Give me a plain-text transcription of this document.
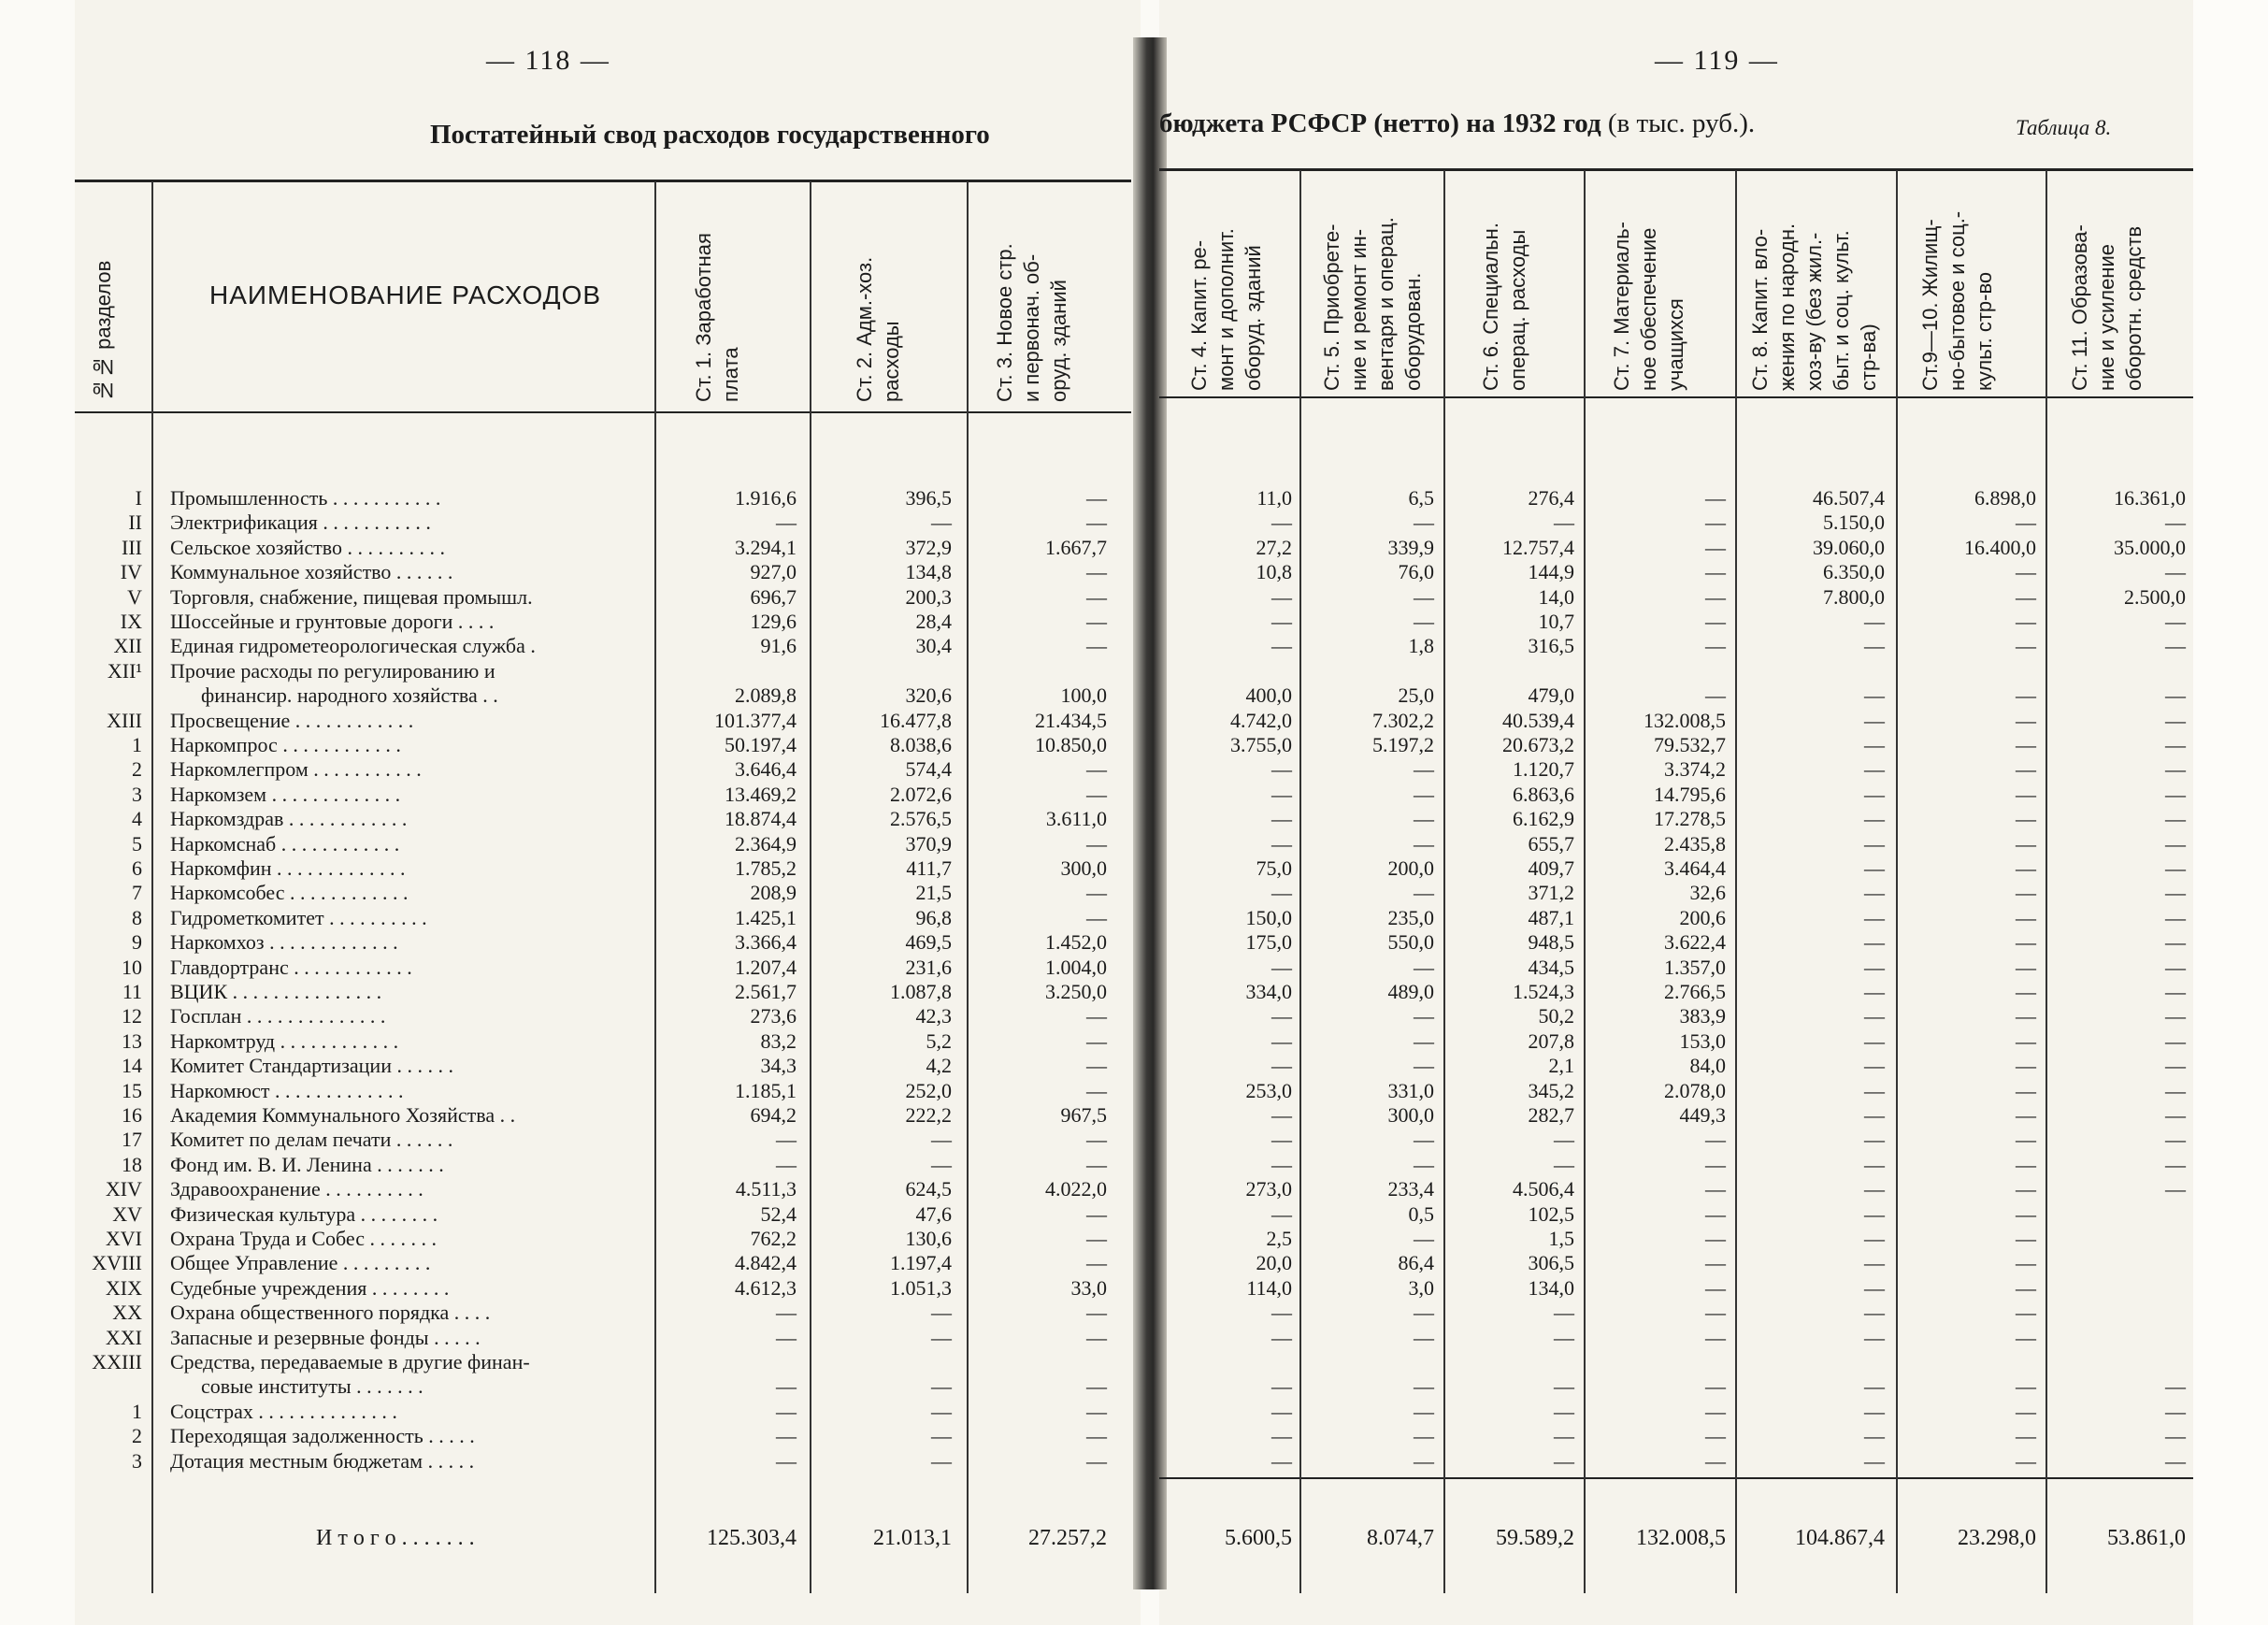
— 118 —	— 119 —
Постатейный свод расходов государственного	бюджета РСФСР (нетто) на 1932 год (в тыс. руб.).	Таблица 8.
№№ разделов	НАИМЕНОВАНИЕ РАСХОДОВ
Ст. 1. Заработная
плата	Ст. 2. Адм.-хоз.
расходы	Ст. 3. Новое стр.
и первонач. об-
оруд. зданий
Ст. 4. Капит. ре-
монт и дополнит.
оборуд. зданий
Ст. 5. Приобрете-
ние и ремонт ин-
вентаря и операц.
оборудован.	Ст. 6. Специальн.
операц. расходы
Ст. 7. Материаль-
ное обеспечение
учащихся	Ст. 8. Капит. вло-
жения по народн.
хоз-ву (без жил.-
быт. и соц. культ.
стр-ва) Ст.9—10. Жилищ-
но-бытовое и соц.-
культ. стр-во
Ст. 11. Образова-
ние и усиление
оборотн. средств
I Промышленность . . . . . . . . . . .	1.916,6	396,5	—	11,0	6,5	276,4	—	46.507,4	6.898,0	16.361,0
II Электрификация . . . . . . . . . . .	—	—	—	—	—	—	—	5.150,0	—	—
III Сельское хозяйство . . . . . . . . . .	3.294,1	372,9	1.667,7	27,2	339,9	12.757,4	—	39.060,0	16.400,0	35.000,0
IV Коммунальное хозяйство . . . . . .	927,0	134,8	—	10,8	76,0	144,9	—	6.350,0	—	—
V Торговля, снабжение, пищевая промышл.	696,7	200,3	—	—	—	14,0	—	7.800,0	—	2.500,0
IX Шоссейные и грунтовые дороги . . . .	129,6	28,4	—	—	—	10,7	—	—	—	—
XII Единая гидрометеорологическая служба .	91,6	30,4	—	—	1,8	316,5	—	—	—	—
XII¹ Прочие расходы по регулированию и
финансир. народного хозяйства . .	2.089,8	320,6	100,0	400,0	25,0	479,0	—	—	—	—
XIII Просвещение . . . . . . . . . . . .	101.377,4	16.477,8	21.434,5	4.742,0	7.302,2	40.539,4	132.008,5	—	—	—
1 Наркомпрос . . . . . . . . . . . .	50.197,4	8.038,6	10.850,0	3.755,0	5.197,2	20.673,2	79.532,7	—	—	—
2 Наркомлегпром . . . . . . . . . . .	3.646,4	574,4	—	—	—	1.120,7	3.374,2	—	—	—
3 Наркомзем . . . . . . . . . . . . .	13.469,2	2.072,6	—	—	—	6.863,6	14.795,6	—	—	—
4 Наркомздрав . . . . . . . . . . . .	18.874,4	2.576,5	3.611,0	—	—	6.162,9	17.278,5	—	—	—
5 Наркомснаб . . . . . . . . . . . .	2.364,9	370,9	—	—	—	655,7	2.435,8	—	—	—
6 Наркомфин . . . . . . . . . . . . .	1.785,2	411,7	300,0	75,0	200,0	409,7	3.464,4	—	—	—
7 Наркомсобес . . . . . . . . . . . .	208,9	21,5	—	—	—	371,2	32,6	—	—	—
8 Гидрометкомитет . . . . . . . . . .	1.425,1	96,8	—	150,0	235,0	487,1	200,6	—	—	—
9 Наркомхоз . . . . . . . . . . . . .	3.366,4	469,5	1.452,0	175,0	550,0	948,5	3.622,4	—	—	—
10 Главдортранс . . . . . . . . . . . .	1.207,4	231,6	1.004,0	—	—	434,5	1.357,0	—	—	—
11 ВЦИК . . . . . . . . . . . . . . .	2.561,7	1.087,8	3.250,0	334,0	489,0	1.524,3	2.766,5	—	—	—
12 Госплан . . . . . . . . . . . . . .	273,6	42,3	—	—	—	50,2	383,9	—	—	—
13 Наркомтруд . . . . . . . . . . . .	83,2	5,2	—	—	—	207,8	153,0	—	—	—
14 Комитет Стандартизации . . . . . .	34,3	4,2	—	—	—	2,1	84,0	—	—	—
15 Наркомюст . . . . . . . . . . . . .	1.185,1	252,0	—	253,0	331,0	345,2	2.078,0	—	—	—
16 Академия Коммунального Хозяйства . .	694,2	222,2	967,5	—	300,0	282,7	449,3	—	—	—
17 Комитет по делам печати . . . . . .	—	—	—	—	—	—	—	—	—	—
18 Фонд им. В. И. Ленина . . . . . . .	—	—	—	—	—	—	—	—	—	—
XIV Здравоохранение . . . . . . . . . .	4.511,3	624,5	4.022,0	273,0	233,4	4.506,4	—	—	—	—
XV Физическая культура . . . . . . . .	52,4	47,6	—	—	0,5	102,5	—	—	—
XVI Охрана Труда и Собес . . . . . . .	762,2	130,6	—	2,5	—	1,5	—	—	—
XVIII Общее Управление . . . . . . . . .	4.842,4	1.197,4	—	20,0	86,4	306,5	—	—	—
XIX Судебные учреждения . . . . . . . .	4.612,3	1.051,3	33,0	114,0	3,0	134,0	—	—	—
XX Охрана общественного порядка . . . .	—	—	—	—	—	—	—	—	—
XXI Запасные и резервные фонды . . . . .	—	—	—	—	—	—	—	—	—
XXIII Средства, передаваемые в другие финан-
совые институты . . . . . . .	—	—	—	—	—	—	—	—	—	—
1 Соцстрах . . . . . . . . . . . . . .	—	—	—	—	—	—	—	—	—	—
2 Переходящая задолженность . . . . .	—	—	—	—	—	—	—	—	—	—
3 Дотация местным бюджетам . . . . .	—	—	—	—	—	—	—	—	—	—
И т о г о . . . . . . .	125.303,4	21.013,1	27.257,2	5.600,5	8.074,7	59.589,2	132.008,5	104.867,4	23.298,0	53.861,0
